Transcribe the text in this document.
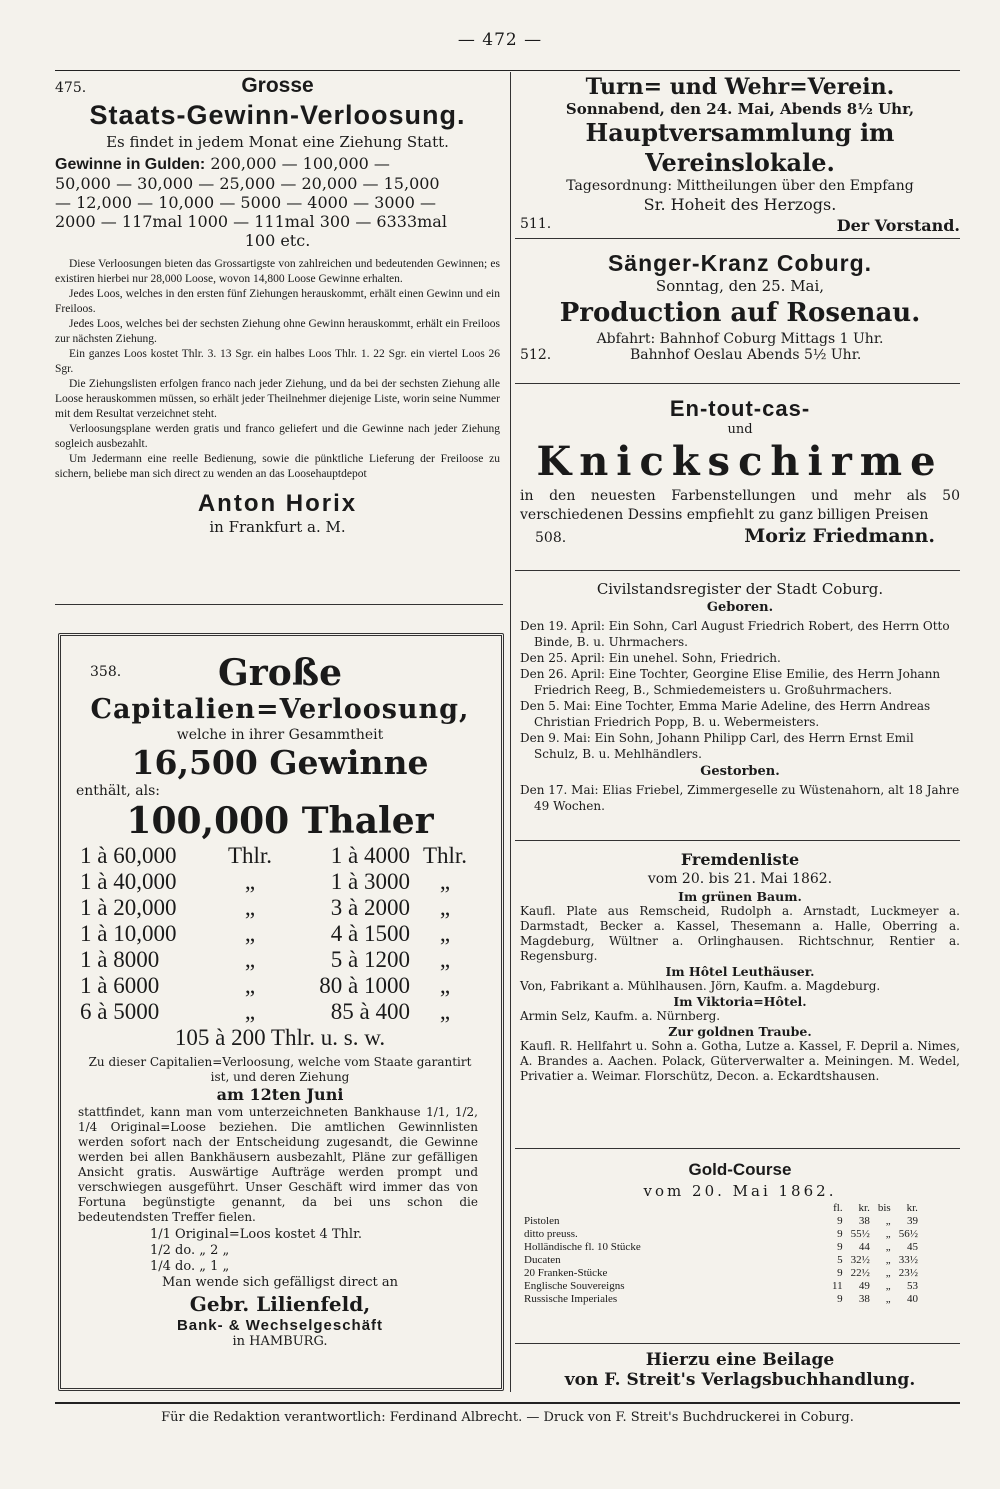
— 472 —
475.	Grosse
Staats-Gewinn-Verloosung.
Es findet in jedem Monat eine Ziehung Statt.
Gewinne in Gulden: 200,000 — 100,000 —
50,000 — 30,000 — 25,000 — 20,000 — 15,000
— 12,000 — 10,000 — 5000 — 4000 — 3000 —
2000 — 117mal 1000 — 111mal 300 — 6333mal
100 etc.

Diese Verloosungen bieten das Grossartigste von zahlreichen und bedeutenden Gewinnen; es existiren hierbei nur 28,000 Loose, wovon 14,800 Loose Gewinne erhalten.

Jedes Loos, welches in den ersten fünf Ziehungen herauskommt, erhält einen Gewinn und ein Freiloos.

Jedes Loos, welches bei der sechsten Ziehung ohne Gewinn herauskommt, erhält ein Freiloos zur nächsten Ziehung.

Ein ganzes Loos kostet Thlr. 3. 13 Sgr. ein halbes Loos Thlr. 1. 22 Sgr. ein viertel Loos 26 Sgr.

Die Ziehungslisten erfolgen franco nach jeder Ziehung, und da bei der sechsten Ziehung alle Loose herauskommen müssen, so erhält jeder Theilnehmer diejenige Liste, worin seine Nummer mit dem Resultat verzeichnet steht.

Verloosungsplane werden gratis und franco geliefert und die Gewinne nach jeder Ziehung sogleich ausbezahlt.

Um Jedermann eine reelle Bedienung, sowie die pünktliche Lieferung der Freiloose zu sichern, beliebe man sich direct zu wenden an das Loosehauptdepot

Anton Horix
in Frankfurt a. M.
358.	Große
Capitalien=Verloosung,
welche in ihrer Gesammtheit
16,500 Gewinne
enthält, als:
100,000 Thaler
1 à 60,000	Thlr.	1 à 4000 Thlr.
1 à 40,000	„	1 à 3000	„
1 à 20,000	„	3 à 2000	„
1 à 10,000	„	4 à 1500	„
1 à 8000	„	5 à 1200	„
1 à 6000	„	80 à 1000	„
6 à 5000	„	85 à 400	„
105 à 200 Thlr. u. s. w.
Zu dieser Capitalien=Verloosung, welche vom Staate garantirt ist, und deren Ziehung
am 12ten Juni
stattfindet, kann man vom unterzeichneten Bankhause 1/1, 1/2, 1/4 Original=Loose beziehen. Die amtlichen Gewinnlisten werden sofort nach der Entscheidung zugesandt, die Gewinne werden bei allen Bankhäusern ausbezahlt, Pläne zur gefälligen Ansicht gratis. Auswärtige Aufträge werden prompt und verschwiegen ausgeführt. Unser Geschäft wird immer das von Fortuna begünstigte genannt, da bei uns schon die bedeutendsten Treffer fielen.
1/1 Original=Loos kostet 4 Thlr.
1/2 do. „ 2 „
1/4 do. „ 1 „
Man wende sich gefälligst direct an
Gebr. Lilienfeld,
Bank- & Wechselgeschäft
in HAMBURG.
Turn= und Wehr=Verein.
Sonnabend, den 24. Mai, Abends 8½ Uhr,
Hauptversammlung im Vereinslokale.
Tagesordnung: Mittheilungen über den Empfang
Sr. Hoheit des Herzogs.
511.	Der Vorstand.
Sänger-Kranz Coburg.
Sonntag, den 25. Mai,
Production auf Rosenau.
Abfahrt: Bahnhof Coburg Mittags 1 Uhr.
512.	Bahnhof Oeslau Abends 5½ Uhr.
En-tout-cas-
und
Knickschirme
in den neuesten Farbenstellungen und mehr als 50 verschiedenen Dessins empfiehlt zu ganz billigen Preisen
508.	Moriz Friedmann.
Civilstandsregister der Stadt Coburg.
Geboren.

Den 19. April: Ein Sohn, Carl August Friedrich Robert, des Herrn Otto Binde, B. u. Uhrmachers.

Den 25. April: Ein unehel. Sohn, Friedrich.

Den 26. April: Eine Tochter, Georgine Elise Emilie, des Herrn Johann Friedrich Reeg, B., Schmiedemeisters u. Großuhrmachers.

Den 5. Mai: Eine Tochter, Emma Marie Adeline, des Herrn Andreas Christian Friedrich Popp, B. u. Webermeisters.

Den 9. Mai: Ein Sohn, Johann Philipp Carl, des Herrn Ernst Emil Schulz, B. u. Mehlhändlers.

Gestorben.

Den 17. Mai: Elias Friebel, Zimmergeselle zu Wüstenahorn, alt 18 Jahre 49 Wochen.

Fremdenliste
vom 20. bis 21. Mai 1862.
Im grünen Baum.
Kaufl. Plate aus Remscheid, Rudolph a. Arnstadt, Luckmeyer a. Darmstadt, Becker a. Kassel, Thesemann a. Halle, Oberring a. Magdeburg, Wültner a. Orlinghausen. Richtschnur, Rentier a. Regensburg.
Im Hôtel Leuthäuser.
Von, Fabrikant a. Mühlhausen. Jörn, Kaufm. a. Magdeburg.
Im Viktoria=Hôtel.
Armin Selz, Kaufm. a. Nürnberg.
Zur goldnen Traube.
Kaufl. R. Hellfahrt u. Sohn a. Gotha, Lutze a. Kassel, F. Depril a. Nimes, A. Brandes a. Aachen. Polack, Güterverwalter a. Meiningen. M. Wedel, Privatier a. Weimar. Florschütz, Decon. a. Eckardtshausen.
Gold-Course
vom 20. Mai 1862.
	fl.	kr.	bis	kr.
Pistolen	9	38	„	39
ditto preuss.	9	55½	„	56½
Holländische fl. 10 Stücke	9	44	„	45
Ducaten	5	32½	„	33½
20 Franken-Stücke	9	22½	„	23½
Englische Souvereigns	11	49	„	53
Russische Imperiales	9	38	„	40
Hierzu eine Beilage
von F. Streit's Verlagsbuchhandlung.
Für die Redaktion verantwortlich: Ferdinand Albrecht. — Druck von F. Streit's Buchdruckerei in Coburg.
